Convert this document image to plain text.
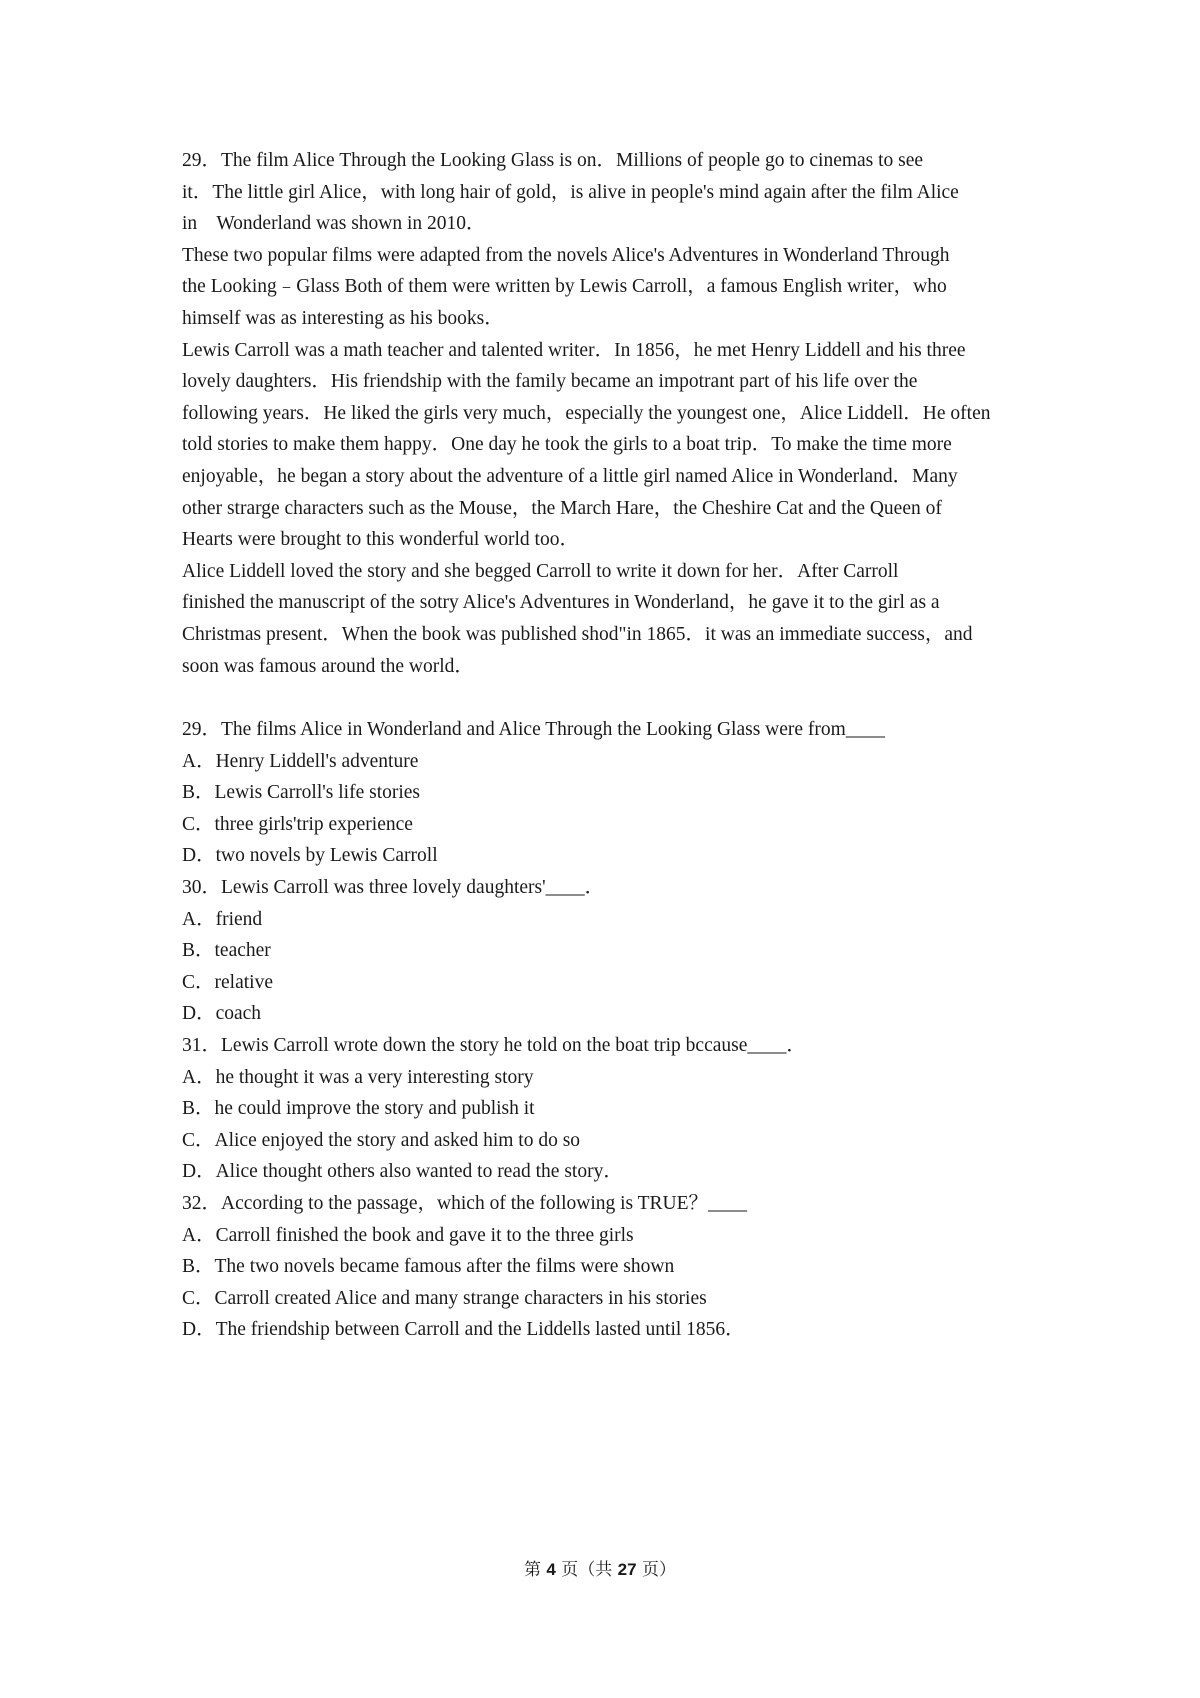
29．The film Alice Through the Looking Glass is on．Millions of people go to cinemas to see
it．The little girl Alice，with long hair of gold，is alive in people's mind again after the film Alice
in    Wonderland was shown in 2010．
These two popular films were adapted from the novels Alice's Adventures in Wonderland Through
the Looking﹣Glass Both of them were written by Lewis Carroll，a famous English writer，who
himself was as interesting as his books．
Lewis Carroll was a math teacher and talented writer．In 1856，he met Henry Liddell and his three
lovely daughters．His friendship with the family became an impotrant part of his life over the
following years．He liked the girls very much，especially the youngest one，Alice Liddell．He often
told stories to make them happy．One day he took the girls to a boat trip．To make the time more
enjoyable，he began a story about the adventure of a little girl named Alice in Wonderland．Many
other strarge characters such as the Mouse，the March Hare，the Cheshire Cat and the Queen of
Hearts were brought to this wonderful world too．
Alice Liddell loved the story and she begged Carroll to write it down for her．After Carroll
finished the manuscript of the sotry Alice's Adventures in Wonderland，he gave it to the girl as a
Christmas present．When the book was published shod"in 1865．it was an immediate success，and
soon was famous around the world．
29．The films Alice in Wonderland and Alice Through the Looking Glass were from____
A．Henry Liddell's adventure
B．Lewis Carroll's life stories
C．three girls'trip experience
D．two novels by Lewis Carroll
30．Lewis Carroll was three lovely daughters'____．
A．friend
B．teacher
C．relative
D．coach
31．Lewis Carroll wrote down the story he told on the boat trip bccause____．
A．he thought it was a very interesting story
B．he could improve the story and publish it
C．Alice enjoyed the story and asked him to do so
D．Alice thought others also wanted to read the story．
32．According to the passage，which of the following is TRUE？____
A．Carroll finished the book and gave it to the three girls
B．The two novels became famous after the films were shown
C．Carroll created Alice and many strange characters in his stories
D．The friendship between Carroll and the Liddells lasted until 1856．
第 4 页（共 27 页）
